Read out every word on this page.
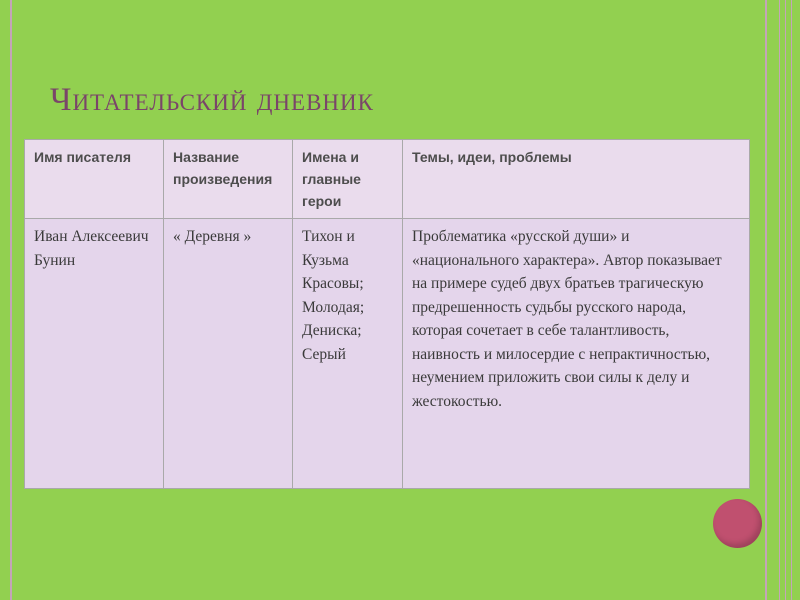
Читательский дневник
Имя писателя	Название произведения	Имена и главные герои	Темы, идеи, проблемы
Иван Алексеевич Бунин	« Деревня »	Тихон и Кузьма Красовы; Молодая; Дениска; Серый	Проблематика «русской души» и «национального характера». Автор показывает на примере судеб двух братьев трагическую предрешенность судьбы русского народа, которая сочетает в себе талантливость, наивность и милосердие с непрактичностью, неумением приложить свои силы к делу и жестокостью.
